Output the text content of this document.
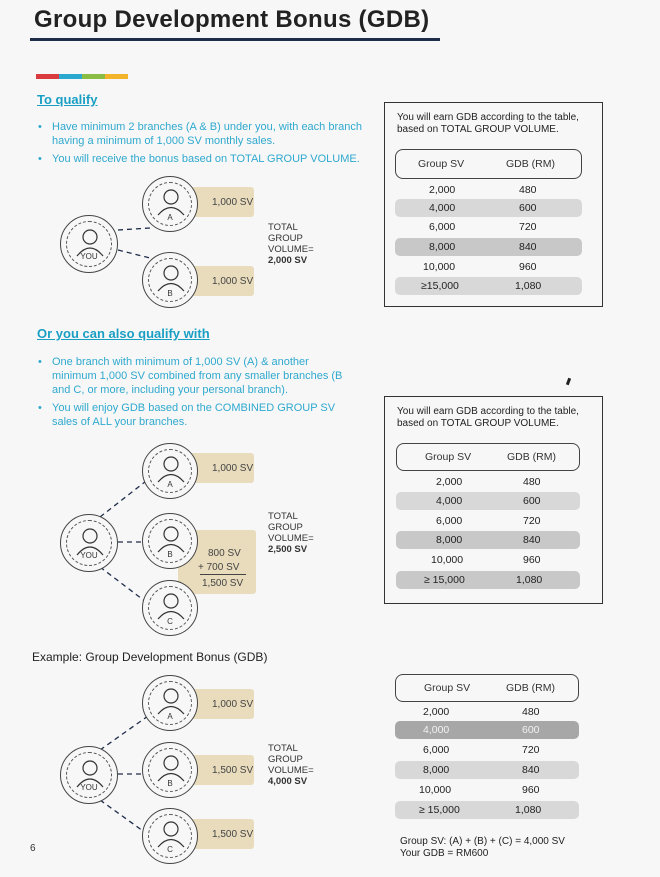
Group Development Bonus (GDB)
To qualify
• Have minimum 2 branches (A & B) under you, with each branch having a minimum of 1,000 SV monthly sales.
• You will receive the bonus based on TOTAL GROUP VOLUME.
1,000 SV
1,000 SV
YOU
A
B
TOTAL
GROUP
VOLUME=
2,000 SV
You will earn GDB according to the table,
based on TOTAL GROUP VOLUME.
Group SV	GDB (RM)
2,000	480
4,000	600
6,000	720
8,000	840
10,000	960
≥15,000	1,080
Or you can also qualify with
• One branch with minimum of 1,000 SV (A) & another minimum 1,000 SV combined from any smaller branches (B and C, or more, including your personal branch).
• You will enjoy GDB based on the COMBINED GROUP SV sales of ALL your branches.
1,000 SV
800 SV
+ 700 SV
1,500 SV
YOU
A
B
C
TOTAL
GROUP
VOLUME=
2,500 SV
You will earn GDB according to the table,
based on TOTAL GROUP VOLUME.
Group SV	GDB (RM)
2,000	480
4,000	600
6,000	720
8,000	840
10,000	960
≥ 15,000	1,080
Example: Group Development Bonus (GDB)
1,000 SV
1,500 SV
1,500 SV
YOU
A
B
C
TOTAL
GROUP
VOLUME=
4,000 SV
Group SV	GDB (RM)
2,000	480
4,000	600
6,000	720
8,000	840
10,000	960
≥ 15,000	1,080
Group SV: (A) + (B) + (C) = 4,000 SV
Your GDB = RM600
6
